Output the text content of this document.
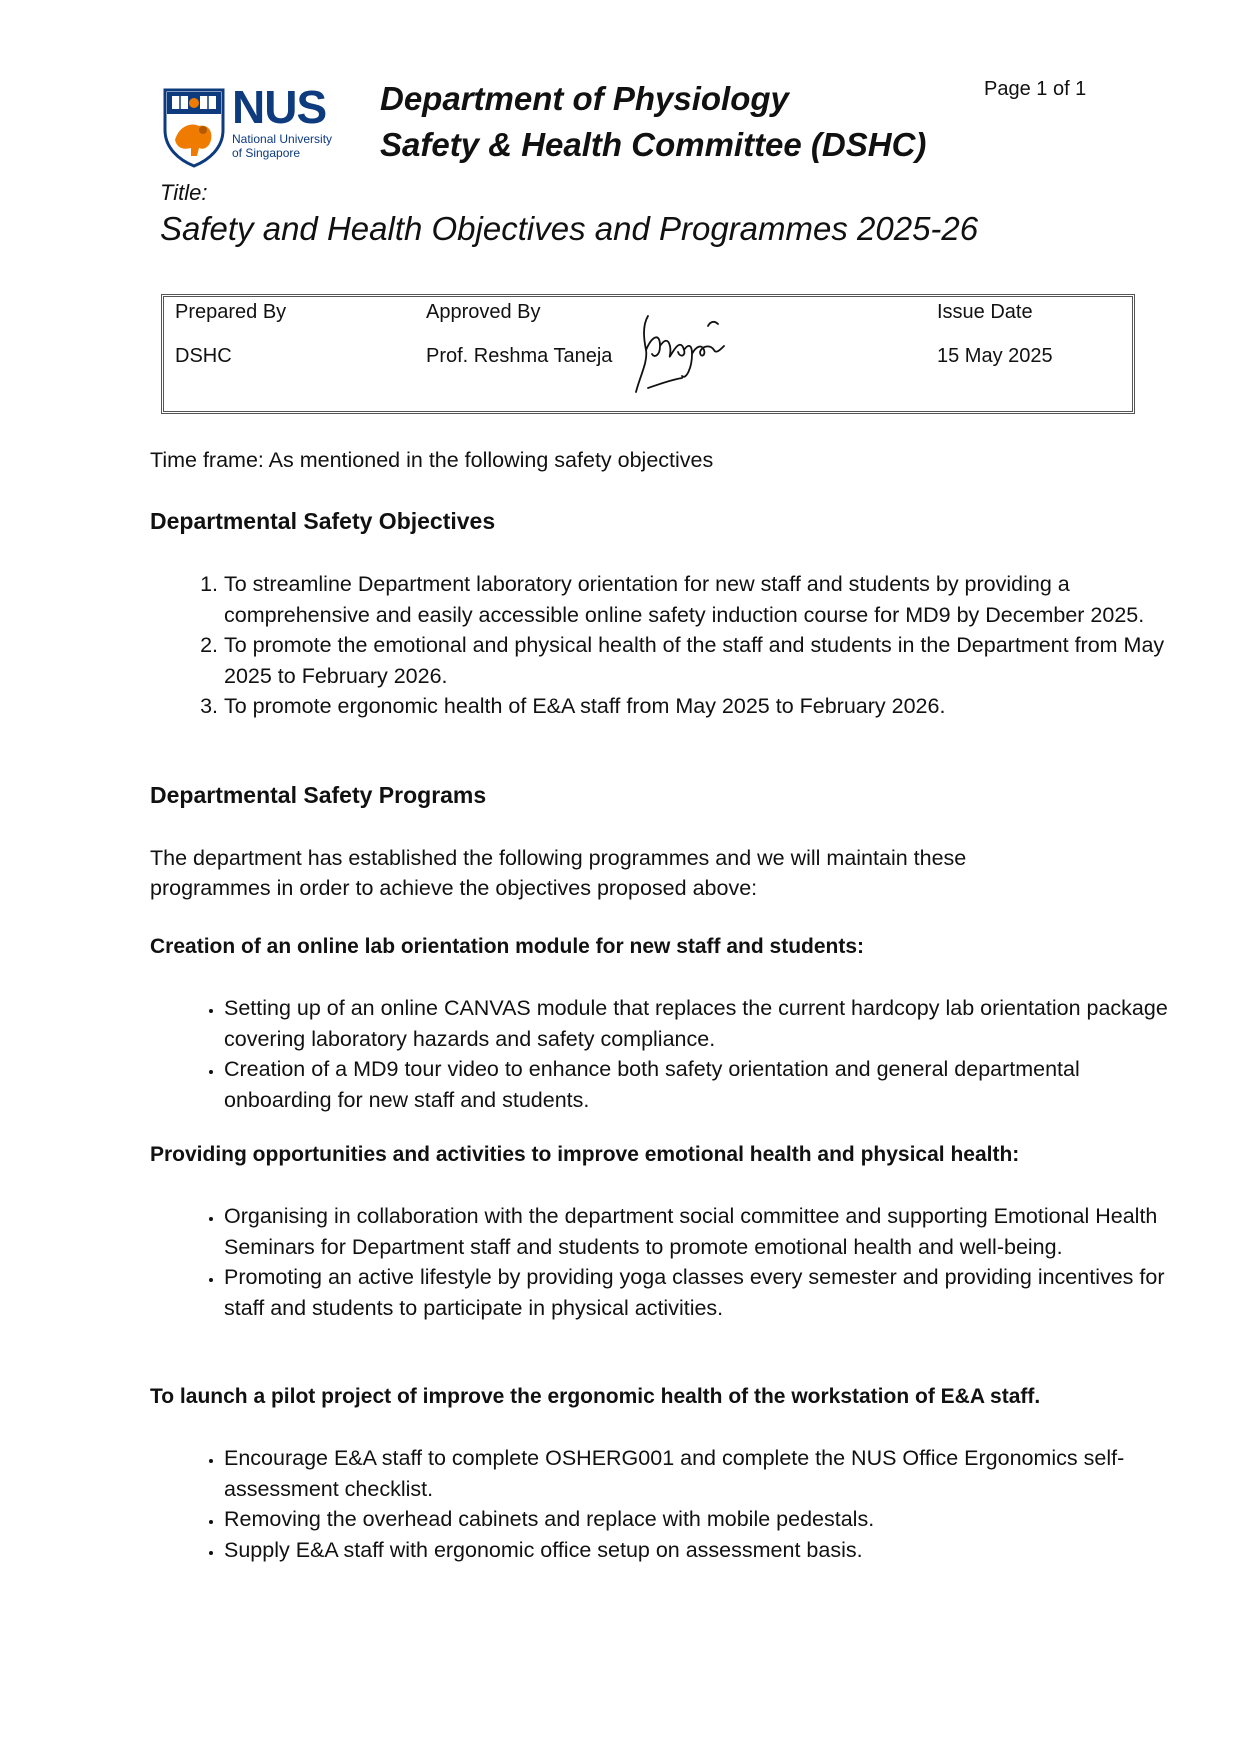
NUS
National University
of Singapore
Department of Physiology
Safety & Health Committee (DSHC)
Page 1 of 1
Title:
Safety and Health Objectives and Programmes 2025-26
Prepared By
DSHC
Approved By
Prof. Reshma Taneja
Issue Date
15 May 2025
Time frame: As mentioned in the following safety objectives
Departmental Safety Objectives
1. To streamline Department laboratory orientation for new staff and students by providing a comprehensive and easily accessible online safety induction course for MD9 by December 2025.
2. To promote the emotional and physical health of the staff and students in the Department from May 2025 to February 2026.
3. To promote ergonomic health of E&A staff from May 2025 to February 2026.
Departmental Safety Programs
The department has established the following programmes and we will maintain these programmes in order to achieve the objectives proposed above:
Creation of an online lab orientation module for new staff and students:
• Setting up of an online CANVAS module that replaces the current hardcopy lab orientation package covering laboratory hazards and safety compliance.
• Creation of a MD9 tour video to enhance both safety orientation and general departmental onboarding for new staff and students.
Providing opportunities and activities to improve emotional health and physical health:
• Organising in collaboration with the department social committee and supporting Emotional Health Seminars for Department staff and students to promote emotional health and well-being.
• Promoting an active lifestyle by providing yoga classes every semester and providing incentives for staff and students to participate in physical activities.
To launch a pilot project of improve the ergonomic health of the workstation of E&A staff.
• Encourage E&A staff to complete OSHERG001 and complete the NUS Office Ergonomics self-assessment checklist.
• Removing the overhead cabinets and replace with mobile pedestals.
• Supply E&A staff with ergonomic office setup on assessment basis.
